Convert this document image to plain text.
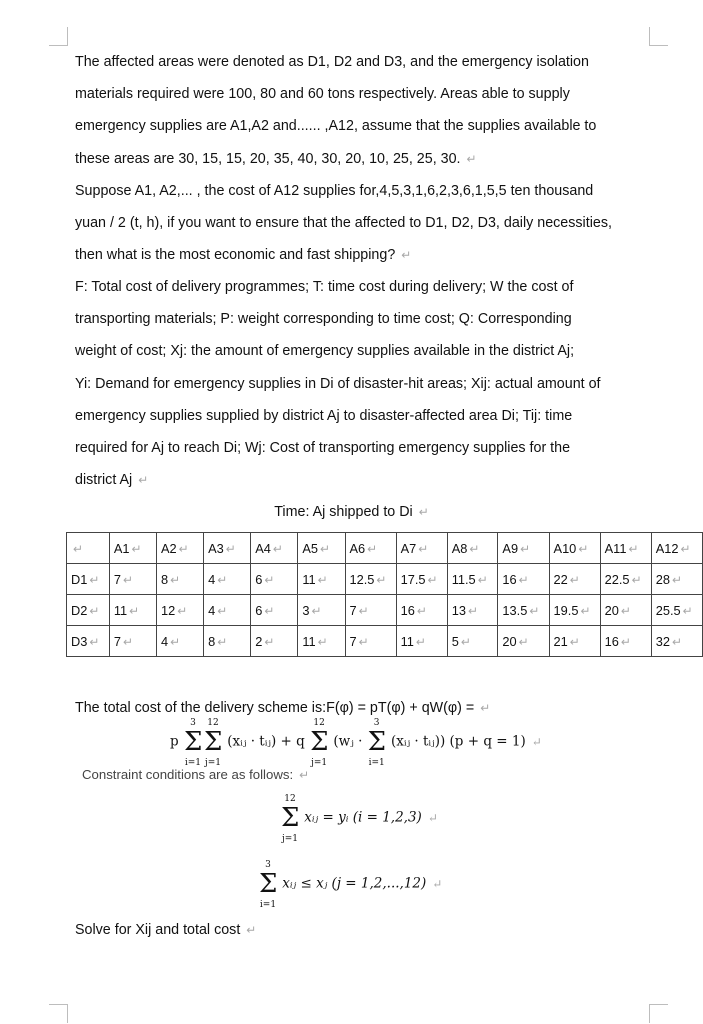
The affected areas were denoted as D1, D2 and D3, and the emergency isolation
materials required were 100, 80 and 60 tons respectively. Areas able to supply
emergency supplies are A1,A2 and...... ,A12, assume that the supplies available to
these areas are 30, 15, 15, 20, 35, 40, 30, 20, 10, 25, 25, 30. ↵
Suppose A1, A2,... , the cost of A12 supplies for,4,5,3,1,6,2,3,6,1,5,5 ten thousand
yuan / 2 (t, h), if you want to ensure that the affected to D1, D2, D3, daily necessities,
then what is the most economic and fast shipping? ↵
F: Total cost of delivery programmes; T: time cost during delivery; W the cost of
transporting materials; P: weight corresponding to time cost; Q: Corresponding
weight of cost; Xj: the amount of emergency supplies available in the district Aj;
Yi: Demand for emergency supplies in Di of disaster-hit areas; Xij: actual amount of
emergency supplies supplied by district Aj to disaster-affected area Di; Tij: time
required for Aj to reach Di; Wj: Cost of transporting emergency supplies for the
district Aj ↵
Time: Aj shipped to Di ↵
↵	A1 ↵	A2 ↵	A3 ↵	A4 ↵	A5 ↵	A6 ↵	A7 ↵	A8 ↵	A9 ↵	A10 ↵	A11 ↵	A12 ↵
D1 ↵	7 ↵	8 ↵	4 ↵	6 ↵	11 ↵	12.5 ↵	17.5 ↵	11.5 ↵	16 ↵	22 ↵	22.5 ↵	28 ↵
D2 ↵	11 ↵	12 ↵	4 ↵	6 ↵	3 ↵	7 ↵	16 ↵	13 ↵	13.5 ↵	19.5 ↵	20 ↵	25.5 ↵
D3 ↵	7 ↵	4 ↵	8 ↵	2 ↵	11 ↵	7 ↵	11 ↵	5 ↵	20 ↵	21 ↵	16 ↵	32 ↵
The total cost of the delivery scheme is:F(φ) = pT(φ) + qW(φ) = ↵
p
3
Σ
i=1
12
Σ
j=1
(xᵢⱼ · tᵢⱼ) + q
12
Σ
j=1
(wⱼ ·
3
Σ
i=1
(xᵢⱼ · tᵢⱼ)) (p + q = 1) ↵
Constraint conditions are as follows: ↵
12
Σ
j=1
xᵢⱼ = yᵢ (i = 1,2,3) ↵
3
Σ
i=1
xᵢⱼ ≤ xⱼ (j = 1,2,...,12) ↵
Solve for Xij and total cost ↵
